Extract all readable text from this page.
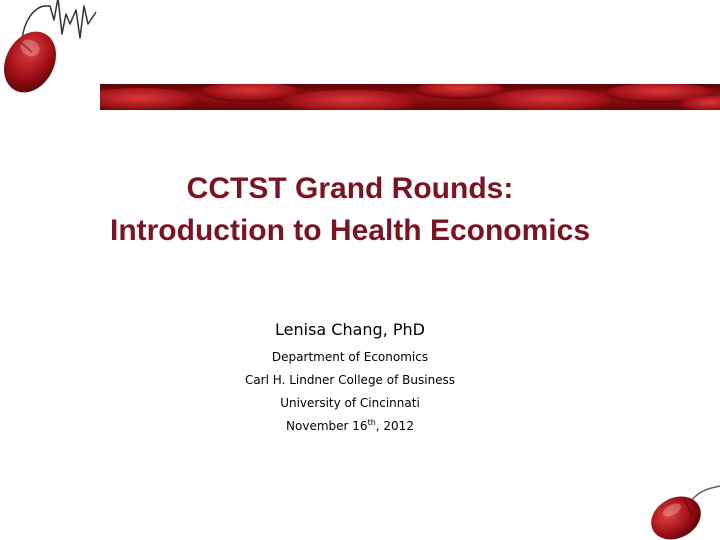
CCTST Grand Rounds:
Introduction to Health Economics
Lenisa Chang, PhD
Department of Economics
Carl H. Lindner College of Business
University of Cincinnati
November 16th, 2012
